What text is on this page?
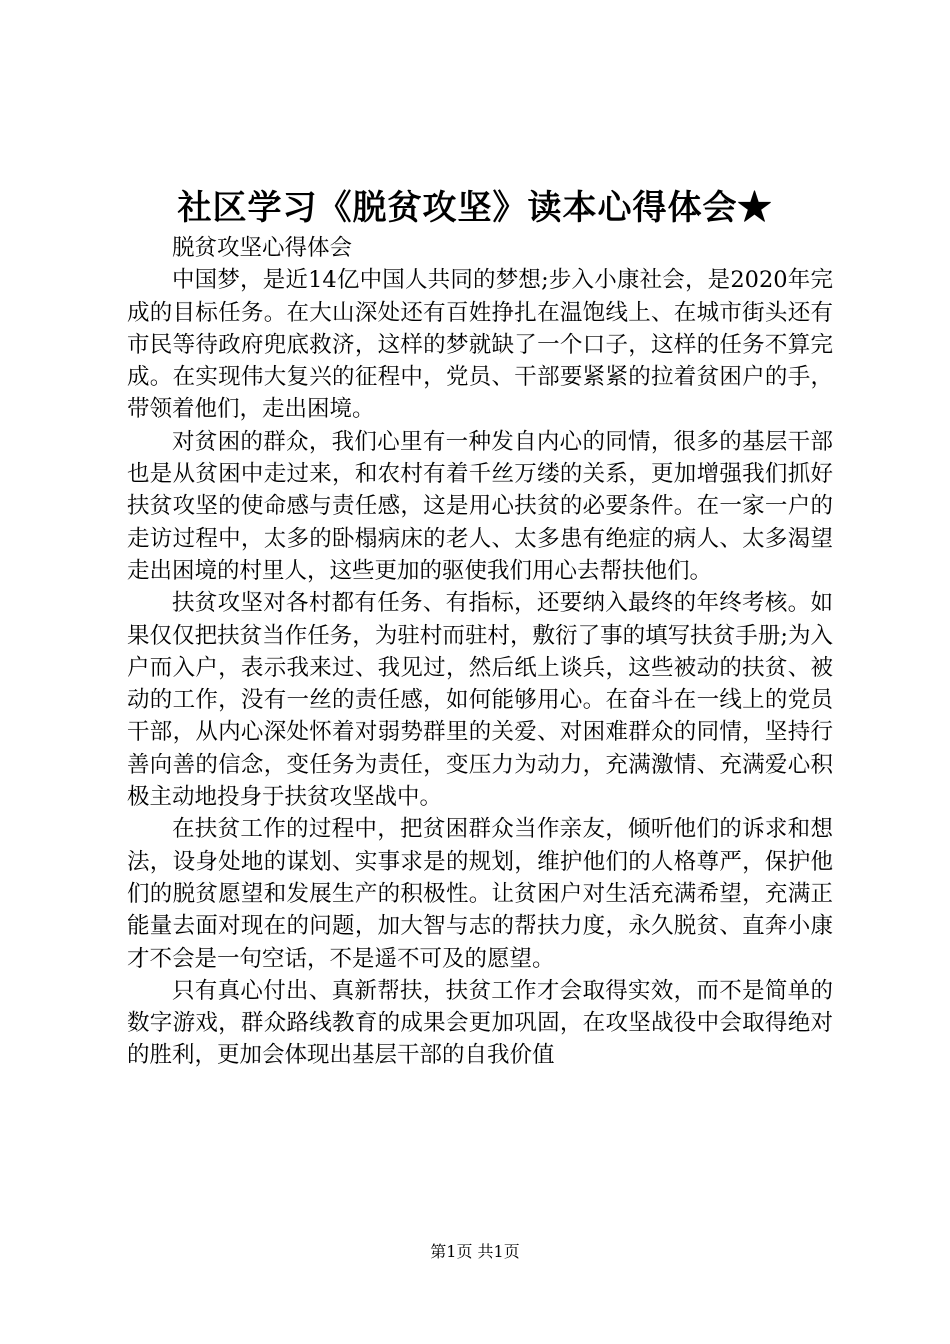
社区学习《脱贫攻坚》读本心得体会★

脱贫攻坚心得体会

中国梦，是近14亿中国人共同的梦想;步入小康社会，是2020年完成的目标任务。在大山深处还有百姓挣扎在温饱线上、在城市街头还有市民等待政府兜底救济，这样的梦就缺了一个口子，这样的任务不算完成。在实现伟大复兴的征程中，党员、干部要紧紧的拉着贫困户的手，带领着他们，走出困境。

对贫困的群众，我们心里有一种发自内心的同情，很多的基层干部也是从贫困中走过来，和农村有着千丝万缕的关系，更加增强我们抓好扶贫攻坚的使命感与责任感，这是用心扶贫的必要条件。在一家一户的走访过程中，太多的卧榻病床的老人、太多患有绝症的病人、太多渴望走出困境的村里人，这些更加的驱使我们用心去帮扶他们。

扶贫攻坚对各村都有任务、有指标，还要纳入最终的年终考核。如果仅仅把扶贫当作任务，为驻村而驻村，敷衍了事的填写扶贫手册;为入户而入户，表示我来过、我见过，然后纸上谈兵，这些被动的扶贫、被动的工作，没有一丝的责任感，如何能够用心。在奋斗在一线上的党员干部，从内心深处怀着对弱势群里的关爱、对困难群众的同情，坚持行善向善的信念，变任务为责任，变压力为动力，充满激情、充满爱心积极主动地投身于扶贫攻坚战中。

在扶贫工作的过程中，把贫困群众当作亲友，倾听他们的诉求和想法，设身处地的谋划、实事求是的规划，维护他们的人格尊严，保护他们的脱贫愿望和发展生产的积极性。让贫困户对生活充满希望，充满正能量去面对现在的问题，加大智与志的帮扶力度，永久脱贫、直奔小康才不会是一句空话，不是遥不可及的愿望。

只有真心付出、真新帮扶，扶贫工作才会取得实效，而不是简单的数字游戏，群众路线教育的成果会更加巩固，在攻坚战役中会取得绝对的胜利，更加会体现出基层干部的自我价值

第1页 共1页
